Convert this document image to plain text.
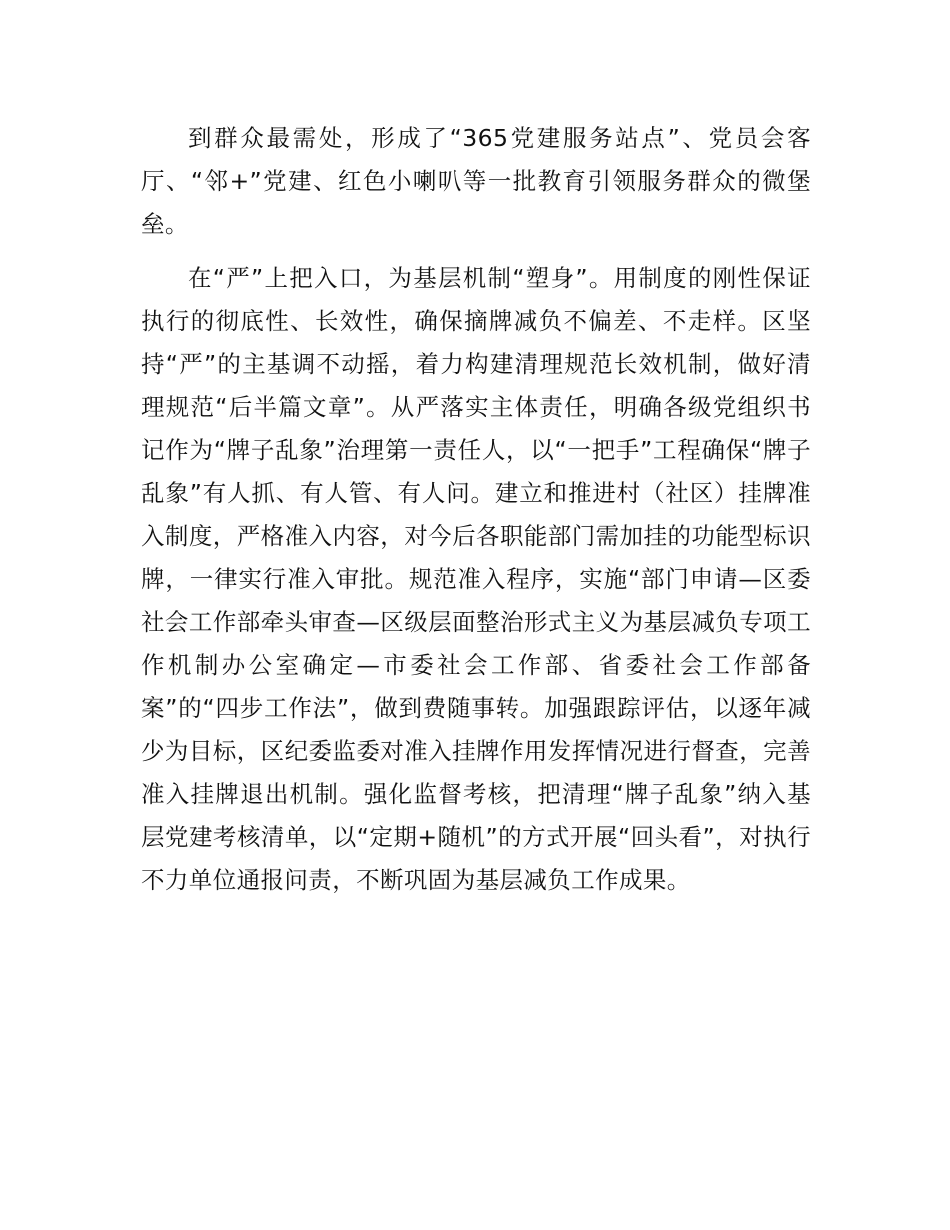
到群众最需处，形成了“365党建服务站点”、党员会客厅、“邻+”党建、红色小喇叭等一批教育引领服务群众的微堡垒。

在“严”上把入口，为基层机制“塑身”。用制度的刚性保证执行的彻底性、长效性，确保摘牌减负不偏差、不走样。区坚持“严”的主基调不动摇，着力构建清理规范长效机制，做好清理规范“后半篇文章”。从严落实主体责任，明确各级党组织书记作为“牌子乱象”治理第一责任人，以“一把手”工程确保“牌子乱象”有人抓、有人管、有人问。建立和推进村（社区）挂牌准入制度，严格准入内容，对今后各职能部门需加挂的功能型标识牌，一律实行准入审批。规范准入程序，实施“部门申请—区委社会工作部牵头审查—区级层面整治形式主义为基层减负专项工作机制办公室确定—市委社会工作部、省委社会工作部备案”的“四步工作法”，做到费随事转。加强跟踪评估，以逐年减少为目标，区纪委监委对准入挂牌作用发挥情况进行督查，完善准入挂牌退出机制。强化监督考核，把清理“牌子乱象”纳入基层党建考核清单，以“定期+随机”的方式开展“回头看”，对执行不力单位通报问责，不断巩固为基层减负工作成果。
